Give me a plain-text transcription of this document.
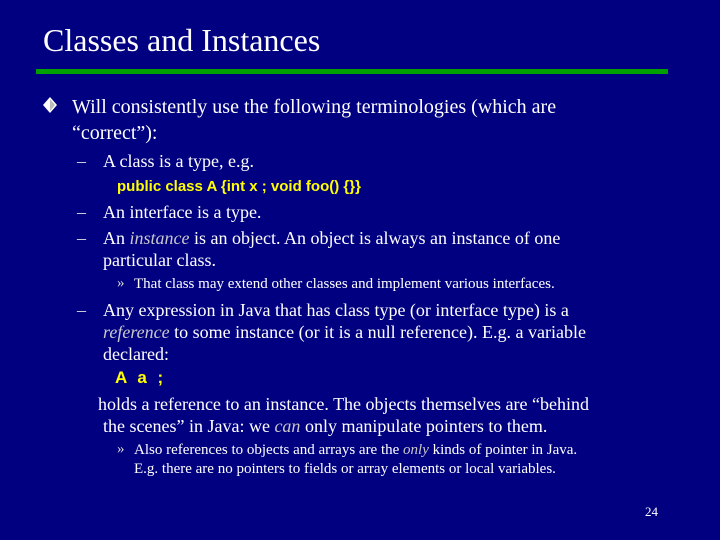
Classes and Instances
Will consistently use the following terminologies (which are
“correct”):
– A class is a type, e.g.
public class A {int x ; void foo() {}}
– An interface is a type.
– An instance is an object. An object is always an instance of one
particular class.
» That class may extend other classes and implement various interfaces.
– Any expression in Java that has class type (or interface type) is a
reference to some instance (or it is a null reference). E.g. a variable
declared:
A a ;
holds a reference to an instance. The objects themselves are “behind
the scenes” in Java: we can only manipulate pointers to them.
» Also references to objects and arrays are the only kinds of pointer in Java.
E.g. there are no pointers to fields or array elements or local variables.
24
